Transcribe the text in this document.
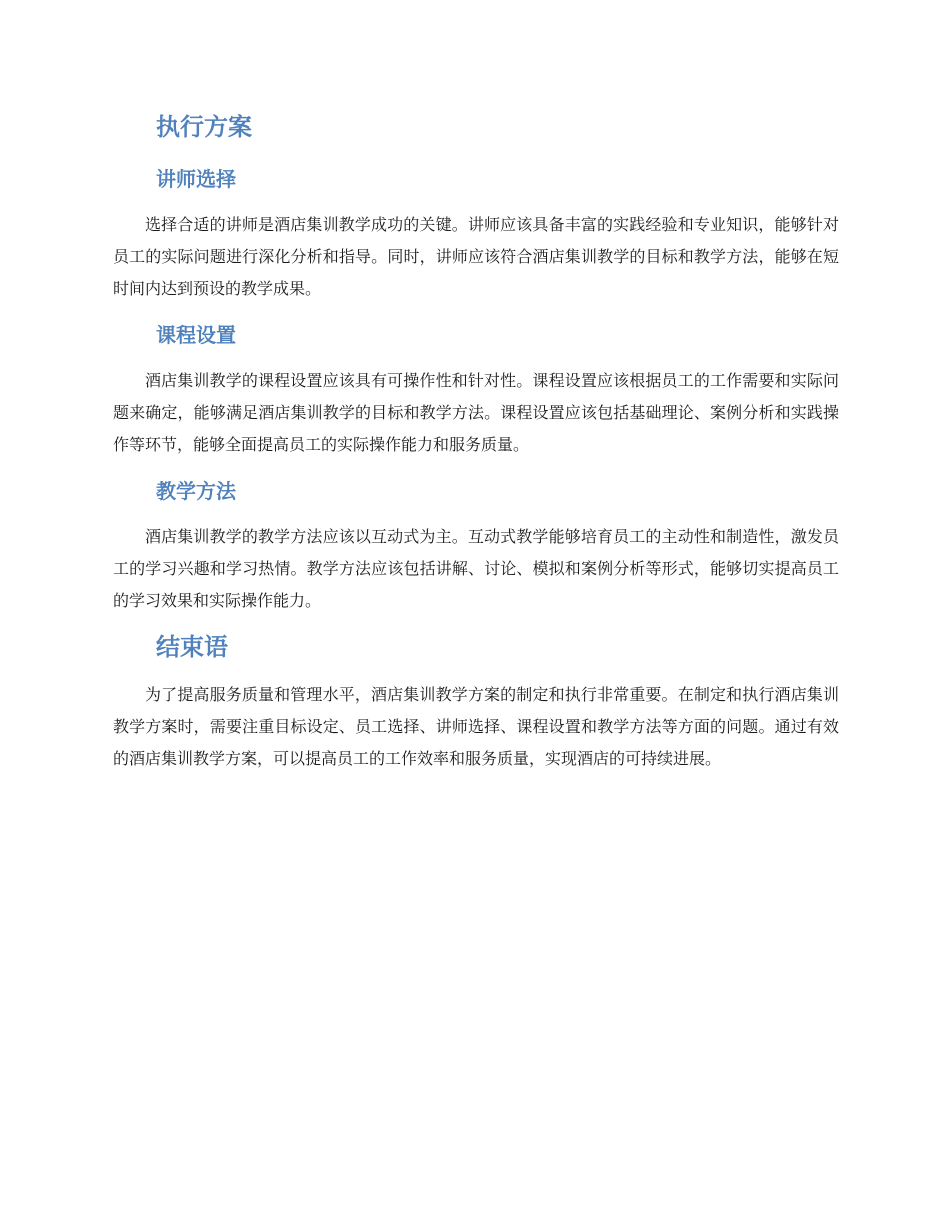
执行方案
讲师选择

选择合适的讲师是酒店集训教学成功的关键。讲师应该具备丰富的实践经验和专业知识，能够针对员工的实际问题进行深化分析和指导。同时，讲师应该符合酒店集训教学的目标和教学方法，能够在短时间内达到预设的教学成果。

课程设置

酒店集训教学的课程设置应该具有可操作性和针对性。课程设置应该根据员工的工作需要和实际问题来确定，能够满足酒店集训教学的目标和教学方法。课程设置应该包括基础理论、案例分析和实践操作等环节，能够全面提高员工的实际操作能力和服务质量。

教学方法

酒店集训教学的教学方法应该以互动式为主。互动式教学能够培育员工的主动性和制造性，激发员工的学习兴趣和学习热情。教学方法应该包括讲解、讨论、模拟和案例分析等形式，能够切实提高员工的学习效果和实际操作能力。

结束语

为了提高服务质量和管理水平，酒店集训教学方案的制定和执行非常重要。在制定和执行酒店集训教学方案时，需要注重目标设定、员工选择、讲师选择、课程设置和教学方法等方面的问题。通过有效的酒店集训教学方案，可以提高员工的工作效率和服务质量，实现酒店的可持续进展。
